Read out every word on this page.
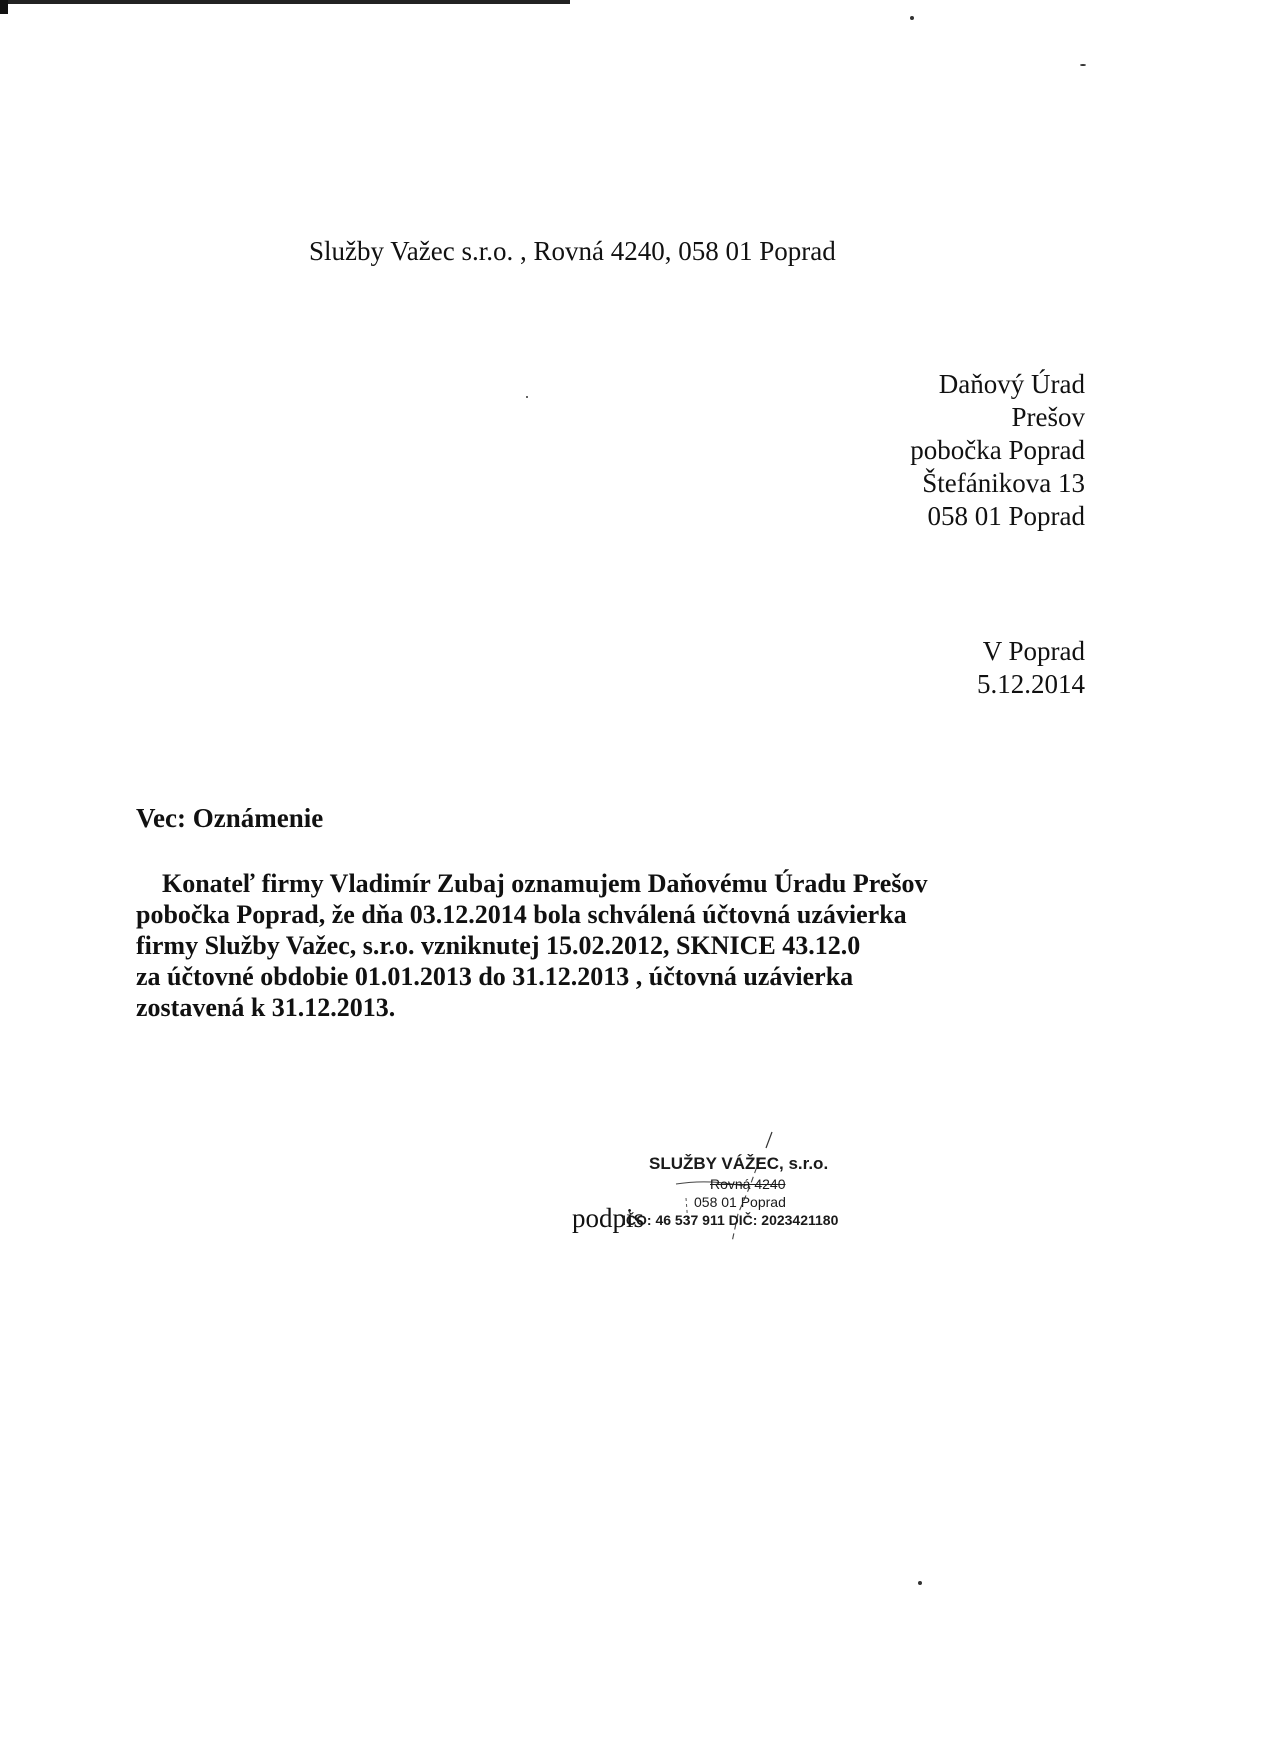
Služby Važec s.r.o. , Rovná 4240, 058 01 Poprad
Daňový Úrad
Prešov
pobočka Poprad
Štefánikova 13
058 01 Poprad
V Poprad
5.12.2014
Vec: Oznámenie
Konateľ firmy Vladimír Zubaj oznamujem Daňovému Úradu Prešov
pobočka Poprad, že dňa 03.12.2014 bola schválená účtovná uzávierka
firmy Služby Važec, s.r.o. vzniknutej 15.02.2012, SKNICE 43.12.0
za účtovné obdobie 01.01.2013 do 31.12.2013 , účtovná uzávierka
zostavená k 31.12.2013.
podpis
SLUŽBY VÁŽEC, s.r.o.
Rovná 4240
058 01 Poprad
IČO: 46 537 911 DIČ: 2023421180
